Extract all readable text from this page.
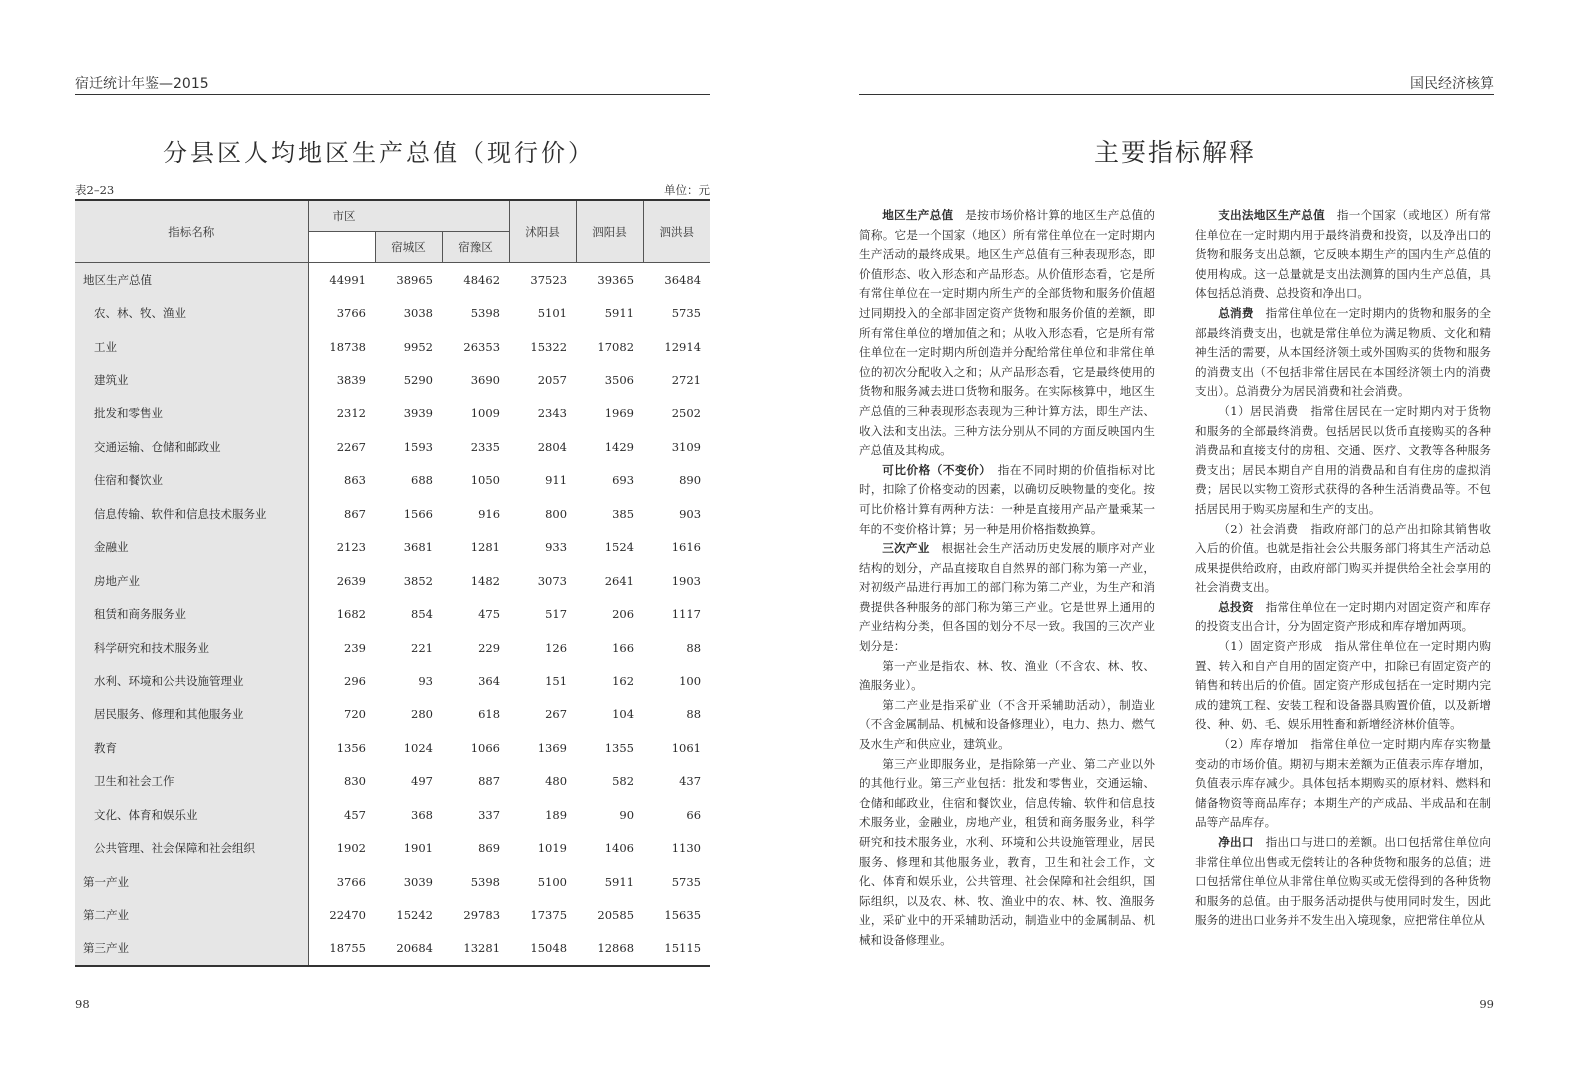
宿迁统计年鉴—2015
分县区人均地区生产总值（现行价）
表2–23	单位：元
指标名称	市区			沭阳县	泗阳县	泗洪县
		宿城区	宿豫区			
地区生产总值	44991	38965	48462	37523	39365	36484
农、林、牧、渔业	3766	3038	5398	5101	5911	5735
工业	18738	9952	26353	15322	17082	12914
建筑业	3839	5290	3690	2057	3506	2721
批发和零售业	2312	3939	1009	2343	1969	2502
交通运输、仓储和邮政业	2267	1593	2335	2804	1429	3109
住宿和餐饮业	863	688	1050	911	693	890
信息传输、软件和信息技术服务业	867	1566	916	800	385	903
金融业	2123	3681	1281	933	1524	1616
房地产业	2639	3852	1482	3073	2641	1903
租赁和商务服务业	1682	854	475	517	206	1117
科学研究和技术服务业	239	221	229	126	166	88
水利、环境和公共设施管理业	296	93	364	151	162	100
居民服务、修理和其他服务业	720	280	618	267	104	88
教育	1356	1024	1066	1369	1355	1061
卫生和社会工作	830	497	887	480	582	437
文化、体育和娱乐业	457	368	337	189	90	66
公共管理、社会保障和社会组织	1902	1901	869	1019	1406	1130
第一产业	3766	3039	5398	5100	5911	5735
第二产业	22470	15242	29783	17375	20585	15635
第三产业	18755	20684	13281	15048	12868	15115
98
国民经济核算
主要指标解释

地区生产总值　是按市场价格计算的地区生产总值的简称。它是一个国家（地区）所有常住单位在一定时期内生产活动的最终成果。地区生产总值有三种表现形态，即价值形态、收入形态和产品形态。从价值形态看，它是所有常住单位在一定时期内所生产的全部货物和服务价值超过同期投入的全部非固定资产货物和服务价值的差额，即所有常住单位的增加值之和；从收入形态看，它是所有常住单位在一定时期内所创造并分配给常住单位和非常住单位的初次分配收入之和；从产品形态看，它是最终使用的货物和服务减去进口货物和服务。在实际核算中，地区生产总值的三种表现形态表现为三种计算方法，即生产法、收入法和支出法。三种方法分别从不同的方面反映国内生产总值及其构成。

可比价格（不变价）　指在不同时期的价值指标对比时，扣除了价格变动的因素，以确切反映物量的变化。按可比价格计算有两种方法：一种是直接用产品产量乘某一年的不变价格计算；另一种是用价格指数换算。

三次产业　根据社会生产活动历史发展的顺序对产业结构的划分，产品直接取自自然界的部门称为第一产业，对初级产品进行再加工的部门称为第二产业，为生产和消费提供各种服务的部门称为第三产业。它是世界上通用的产业结构分类，但各国的划分不尽一致。我国的三次产业划分是：

第一产业是指农、林、牧、渔业（不含农、林、牧、渔服务业）。

第二产业是指采矿业（不含开采辅助活动），制造业（不含金属制品、机械和设备修理业），电力、热力、燃气及水生产和供应业，建筑业。

第三产业即服务业，是指除第一产业、第二产业以外的其他行业。第三产业包括：批发和零售业，交通运输、仓储和邮政业，住宿和餐饮业，信息传输、软件和信息技术服务业，金融业，房地产业，租赁和商务服务业，科学研究和技术服务业，水利、环境和公共设施管理业，居民服务、修理和其他服务业，教育，卫生和社会工作，文化、体育和娱乐业，公共管理、社会保障和社会组织，国际组织，以及农、林、牧、渔业中的农、林、牧、渔服务业，采矿业中的开采辅助活动，制造业中的金属制品、机械和设备修理业。

支出法地区生产总值　指一个国家（或地区）所有常住单位在一定时期内用于最终消费和投资，以及净出口的货物和服务支出总额，它反映本期生产的国内生产总值的使用构成。这一总量就是支出法测算的国内生产总值，具体包括总消费、总投资和净出口。

总消费　指常住单位在一定时期内的货物和服务的全部最终消费支出，也就是常住单位为满足物质、文化和精神生活的需要，从本国经济领土或外国购买的货物和服务的消费支出（不包括非常住居民在本国经济领土内的消费支出）。总消费分为居民消费和社会消费。

（1）居民消费　指常住居民在一定时期内对于货物和服务的全部最终消费。包括居民以货币直接购买的各种消费品和直接支付的房租、交通、医疗、文教等各种服务费支出；居民本期自产自用的消费品和自有住房的虚拟消费；居民以实物工资形式获得的各种生活消费品等。不包括居民用于购买房屋和生产的支出。

（2）社会消费　指政府部门的总产出扣除其销售收入后的价值。也就是指社会公共服务部门将其生产活动总成果提供给政府，由政府部门购买并提供给全社会享用的社会消费支出。

总投资　指常住单位在一定时期内对固定资产和库存的投资支出合计，分为固定资产形成和库存增加两项。

（1）固定资产形成　指从常住单位在一定时期内购置、转入和自产自用的固定资产中，扣除已有固定资产的销售和转出后的价值。固定资产形成包括在一定时期内完成的建筑工程、安装工程和设备器具购置价值，以及新增役、种、奶、毛、娱乐用牲畜和新增经济林价值等。

（2）库存增加　指常住单位一定时期内库存实物量变动的市场价值。期初与期末差额为正值表示库存增加，负值表示库存减少。具体包括本期购买的原材料、燃料和储备物资等商品库存；本期生产的产成品、半成品和在制品等产品库存。

净出口　指出口与进口的差额。出口包括常住单位向非常住单位出售或无偿转让的各种货物和服务的总值；进口包括常住单位从非常住单位购买或无偿得到的各种货物和服务的总值。由于服务活动提供与使用同时发生，因此服务的进出口业务并不发生出入境现象，应把常住单位从

99
